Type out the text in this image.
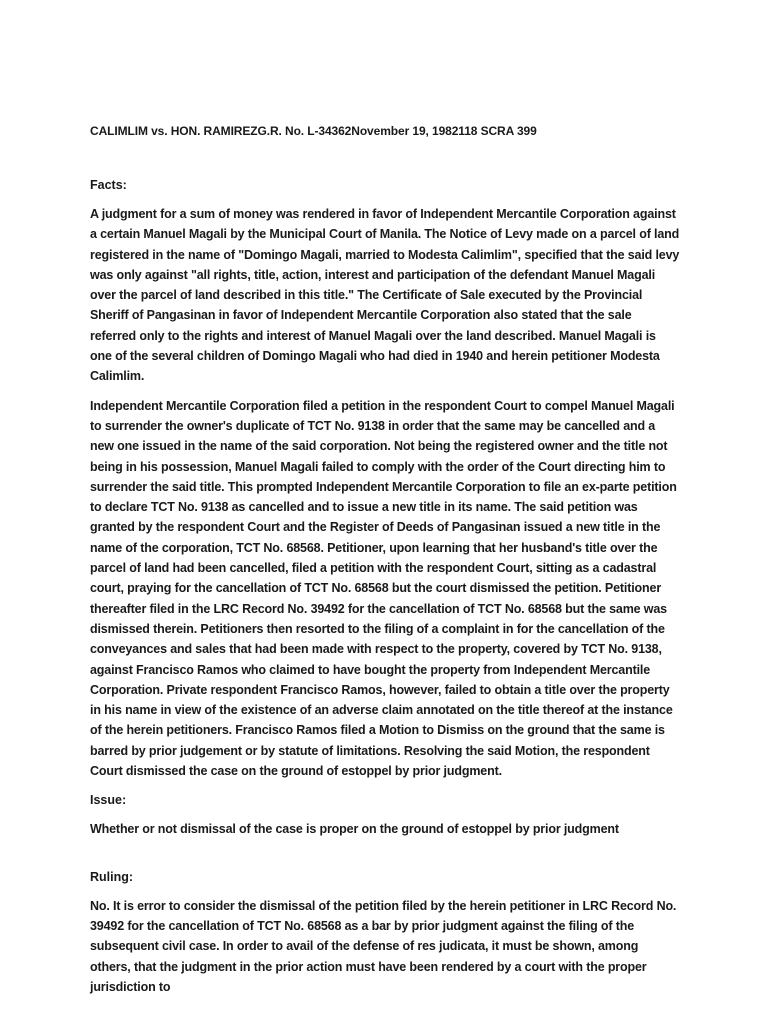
CALIMLIM vs. HON. RAMIREZG.R. No. L-34362November 19, 1982118 SCRA 399
Facts:

A judgment for a sum of money was rendered in favor of Independent Mercantile Corporation against a certain Manuel Magali by the Municipal Court of Manila. The Notice of Levy made on a parcel of land registered in the name of "Domingo Magali, married to Modesta Calimlim", specified that the said levy was only against "all rights, title, action, interest and participation of the defendant Manuel Magali over the parcel of land described in this title." The Certificate of Sale executed by the Provincial Sheriff of Pangasinan in favor of Independent Mercantile Corporation also stated that the sale referred only to the rights and interest of Manuel Magali over the land described. Manuel Magali is one of the several children of Domingo Magali who had died in 1940 and herein petitioner Modesta Calimlim.

Independent Mercantile Corporation filed a petition in the respondent Court to compel Manuel Magali to surrender the owner's duplicate of TCT No. 9138 in order that the same may be cancelled and a new one issued in the name of the said corporation. Not being the registered owner and the title not being in his possession, Manuel Magali failed to comply with the order of the Court directing him to surrender the said title. This prompted Independent Mercantile Corporation to file an ex-parte petition to declare TCT No. 9138 as cancelled and to issue a new title in its name. The said petition was granted by the respondent Court and the Register of Deeds of Pangasinan issued a new title in the name of the corporation, TCT No. 68568. Petitioner, upon learning that her husband's title over the parcel of land had been cancelled, filed a petition with the respondent Court, sitting as a cadastral court, praying for the cancellation of TCT No. 68568 but the court dismissed the petition. Petitioner thereafter filed in the LRC Record No. 39492 for the cancellation of TCT No. 68568 but the same was dismissed therein. Petitioners then resorted to the filing of a complaint in for the cancellation of the conveyances and sales that had been made with respect to the property, covered by TCT No. 9138, against Francisco Ramos who claimed to have bought the property from Independent Mercantile Corporation. Private respondent Francisco Ramos, however, failed to obtain a title over the property in his name in view of the existence of an adverse claim annotated on the title thereof at the instance of the herein petitioners. Francisco Ramos filed a Motion to Dismiss on the ground that the same is barred by prior judgement or by statute of limitations. Resolving the said Motion, the respondent Court dismissed the case on the ground of estoppel by prior judgment.

Issue:

Whether or not dismissal of the case is proper on the ground of estoppel by prior judgment

Ruling:

No. It is error to consider the dismissal of the petition filed by the herein petitioner in LRC Record No. 39492 for the cancellation of TCT No. 68568 as a bar by prior judgment against the filing of the subsequent civil case. In order to avail of the defense of res judicata, it must be shown, among others, that the judgment in the prior action must have been rendered by a court with the proper jurisdiction to
